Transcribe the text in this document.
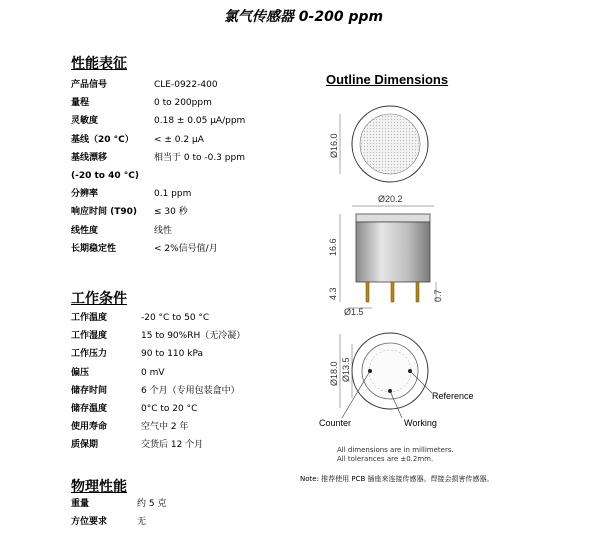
氯气传感器 0-200 ppm
性能表征
产品信号	CLE-0922-400
量程	0 to 200ppm
灵敏度	0.18 ± 0.05 μA/ppm
基线（20 °C） < ± 0.2 μA
基线漂移	相当于 0 to -0.3 ppm
(-20 to 40 °C)
分辨率	0.1 ppm
响应时间 (T90) ≤ 30 秒
线性度	线性
长期稳定性	< 2%信号值/月
工作条件
工作温度	-20 °C to 50 °C
工作湿度	15 to 90%RH（无冷凝）
工作压力	90 to 110 kPa
偏压	0 mV
储存时间	6 个月（专用包装盒中）
储存温度	0°C to 20 °C
使用寿命	空气中 2 年
质保期	交货后 12 个月
物理性能
重量	约 5 克
方位要求	无
Outline Dimensions
Ø16.0
Ø20.2
16.6
4.3
Ø1.5
0.7
Ø18.0 Ø13.5
Reference
Counter	Working
All dimensions are in millimeters.
All tolerances are ±0.2mm.
Note: 推荐使用 PCB 插座来连接传感器。焊接会损害传感器。
